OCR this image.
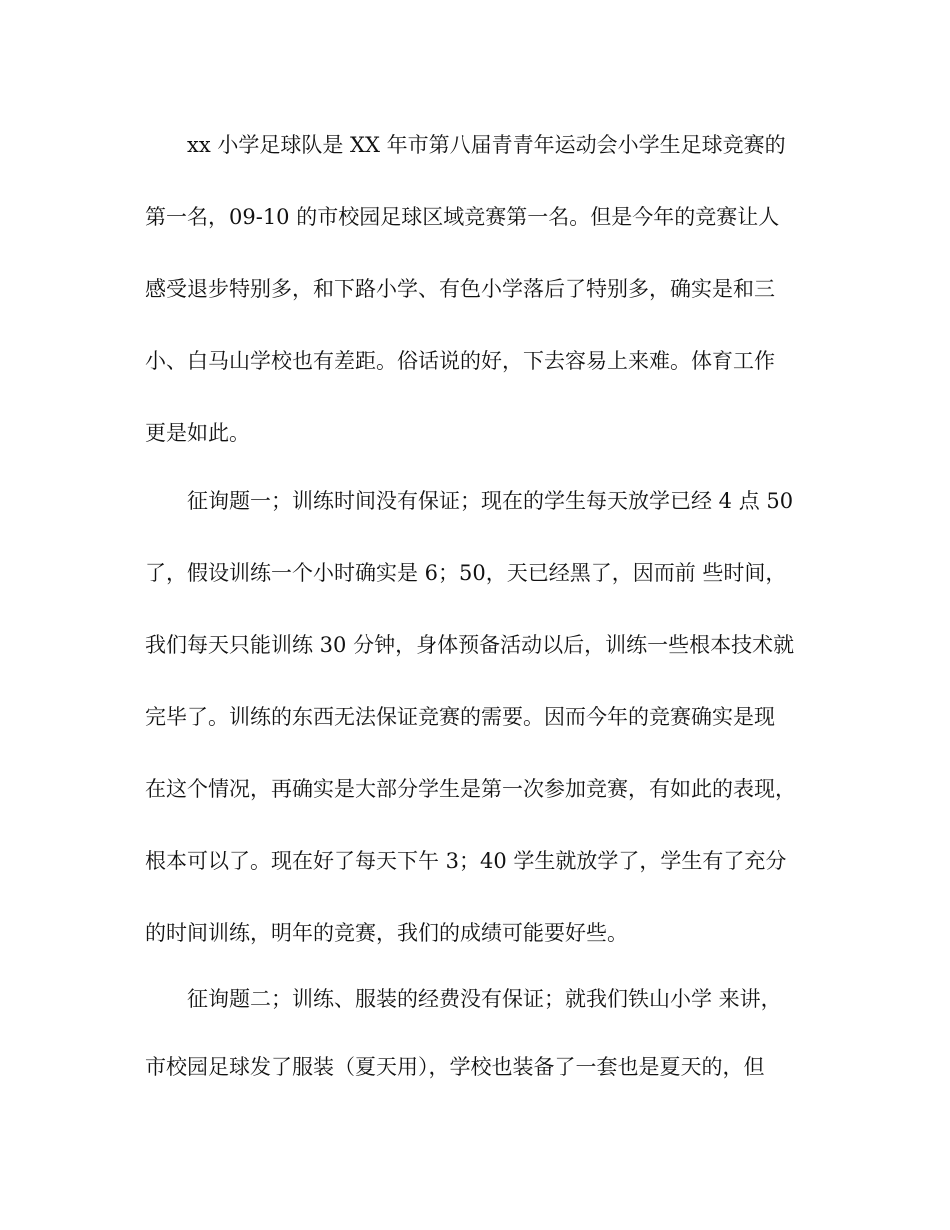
xx 小学足球队是 XX 年市第八届青青年运动会小学生足球竞赛的
第一名，09-10 的市校园足球区域竞赛第一名。但是今年的竞赛让人
感受退步特别多，和下路小学、有色小学落后了特别多，确实是和三
小、白马山学校也有差距。俗话说的好，下去容易上来难。体育工作
更是如此。
征询题一；训练时间没有保证；现在的学生每天放学已经 4 点 50
了，假设训练一个小时确实是 6；50，天已经黑了，因而前 些时间，
我们每天只能训练 30 分钟，身体预备活动以后，训练一些根本技术就
完毕了。训练的东西无法保证竞赛的需要。因而今年的竞赛确实是现
在这个情况，再确实是大部分学生是第一次参加竞赛，有如此的表现，
根本可以了。现在好了每天下午 3；40 学生就放学了，学生有了充分
的时间训练，明年的竞赛，我们的成绩可能要好些。
征询题二；训练、服装的经费没有保证；就我们铁山小学 来讲，
市校园足球发了服装（夏天用），学校也装备了一套也是夏天的，但
